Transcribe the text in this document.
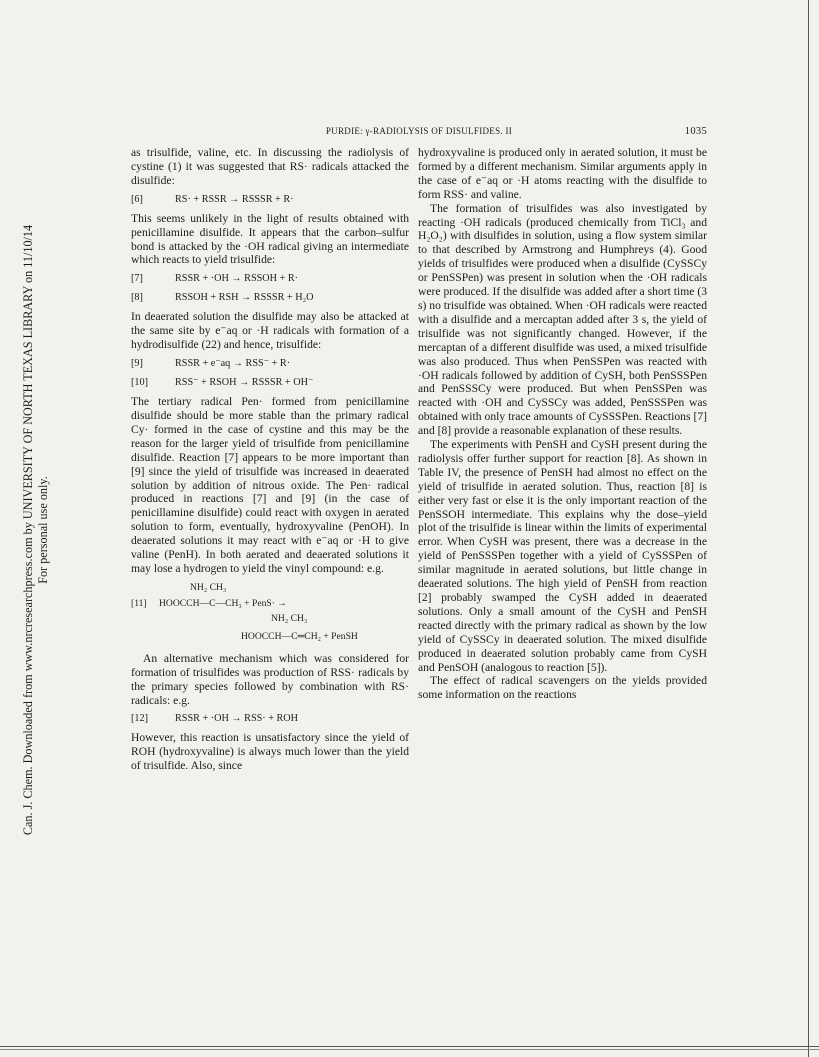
Can. J. Chem. Downloaded from www.nrcresearchpress.com by UNIVERSITY OF NORTH TEXAS LIBRARY on 11/10/14 For personal use only.
PURDIE: γ-RADIOLYSIS OF DISULFIDES. II	1035

as trisulfide, valine, etc. In discussing the radiolysis of cystine (1) it was suggested that RS· radicals attacked the disulfide:

[6]	RS· + RSSR → RSSSR + R·

This seems unlikely in the light of results obtained with penicillamine disulfide. It appears that the carbon–sulfur bond is attacked by the ·OH radical giving an intermediate which reacts to yield trisulfide:

[7]	RSSR + ·OH → RSSOH + R·
[8]	RSSOH + RSH → RSSSR + H₂O

In deaerated solution the disulfide may also be attacked at the same site by e⁻aq or ·H radicals with formation of a hydrodisulfide (22) and hence, trisulfide:

[9]	RSSR + e⁻aq → RSS⁻ + R·
[10]	RSS⁻ + RSOH → RSSSR + OH⁻

The tertiary radical Pen· formed from penicillamine disulfide should be more stable than the primary radical Cy· formed in the case of cystine and this may be the reason for the larger yield of trisulfide from penicillamine disulfide. Reaction [7] appears to be more important than [9] since the yield of trisulfide was increased in deaerated solution by addition of nitrous oxide. The Pen· radical produced in reactions [7] and [9] (in the case of penicillamine disulfide) could react with oxygen in aerated solution to form, eventually, hydroxyvaline (PenOH). In deaerated solutions it may react with e⁻aq or ·H to give valine (PenH). In both aerated and deaerated solutions it may lose a hydrogen to yield the vinyl compound: e.g.

NH₂ CH₃
[11] HOOCCH—C—CH₃ + PenS· →
NH₂ CH₃
HOOCCH—C═CH₂ + PenSH

An alternative mechanism which was considered for formation of trisulfides was production of RSS· radicals by the primary species followed by combination with RS· radicals: e.g.

[12]	RSSR + ·OH → RSS· + ROH

However, this reaction is unsatisfactory since the yield of ROH (hydroxyvaline) is always much lower than the yield of trisulfide. Also, since

hydroxyvaline is produced only in aerated solution, it must be formed by a different mechanism. Similar arguments apply in the case of e⁻aq or ·H atoms reacting with the disulfide to form RSS· and valine.

The formation of trisulfides was also investigated by reacting ·OH radicals (produced chemically from TiCl₃ and H₂O₂) with disulfides in solution, using a flow system similar to that described by Armstrong and Humphreys (4). Good yields of trisulfides were produced when a disulfide (CySSCy or PenSSPen) was present in solution when the ·OH radicals were produced. If the disulfide was added after a short time (3 s) no trisulfide was obtained. When ·OH radicals were reacted with a disulfide and a mercaptan added after 3 s, the yield of trisulfide was not significantly changed. However, if the mercaptan of a different disulfide was used, a mixed trisulfide was also produced. Thus when PenSSPen was reacted with ·OH radicals followed by addition of CySH, both PenSSSPen and PenSSSCy were produced. But when PenSSPen was reacted with ·OH and CySSCy was added, PenSSSPen was obtained with only trace amounts of CySSSPen. Reactions [7] and [8] provide a reasonable explanation of these results.

The experiments with PenSH and CySH present during the radiolysis offer further support for reaction [8]. As shown in Table IV, the presence of PenSH had almost no effect on the yield of trisulfide in aerated solution. Thus, reaction [8] is either very fast or else it is the only important reaction of the PenSSOH intermediate. This explains why the dose–yield plot of the trisulfide is linear within the limits of experimental error. When CySH was present, there was a decrease in the yield of PenSSSPen together with a yield of CySSSPen of similar magnitude in aerated solutions, but little change in deaerated solutions. The high yield of PenSH from reaction [2] probably swamped the CySH added in deaerated solutions. Only a small amount of the CySH and PenSH reacted directly with the primary radical as shown by the low yield of CySSCy in deaerated solution. The mixed disulfide produced in deaerated solution probably came from CySH and PenSOH (analogous to reaction [5]).

The effect of radical scavengers on the yields provided some information on the reactions
